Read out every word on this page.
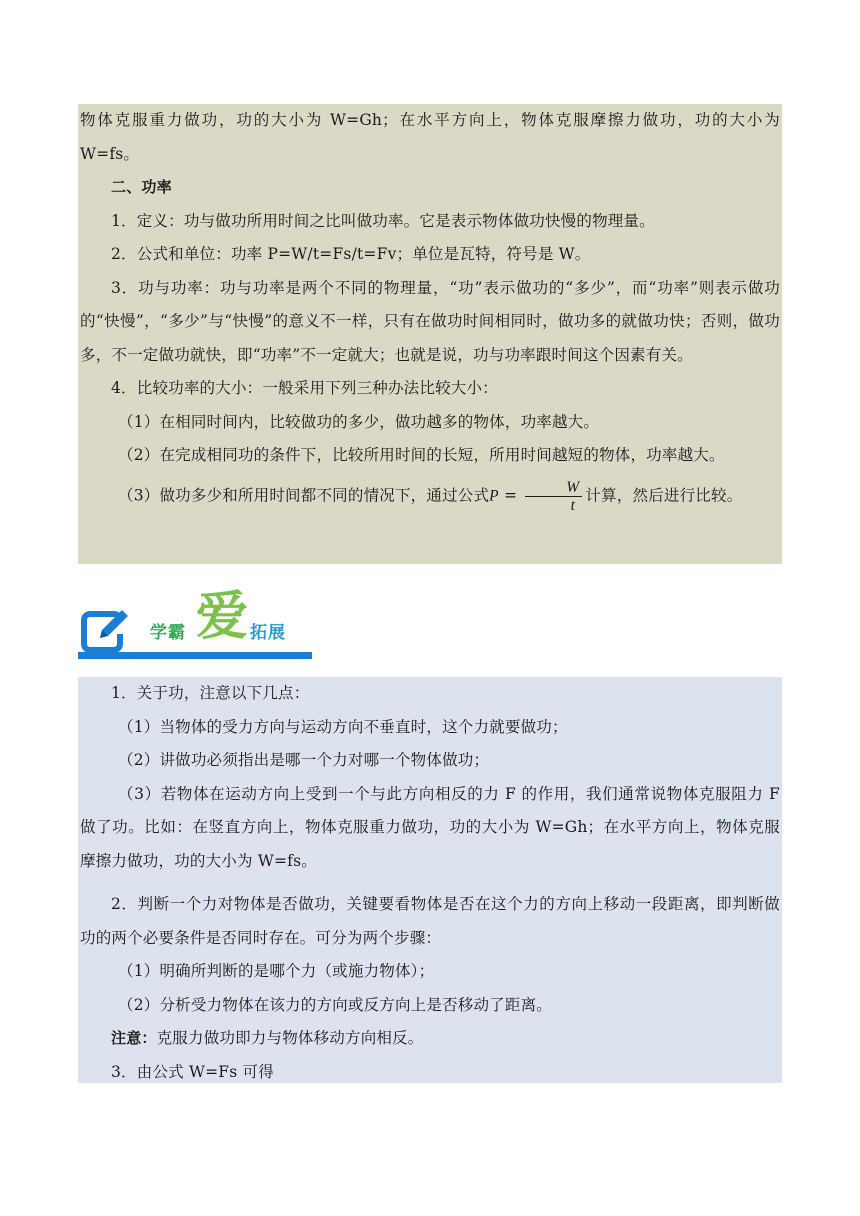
物体克服重力做功，功的大小为 W=Gh；在水平方向上，物体克服摩擦力做功，功的大小为 W=fs。

二、功率

1．定义：功与做功所用时间之比叫做功率。它是表示物体做功快慢的物理量。

2．公式和单位：功率 P=W/t=Fs/t=Fv；单位是瓦特，符号是 W。

3．功与功率：功与功率是两个不同的物理量，“功”表示做功的“多少”，而“功率”则表示做功的“快慢”，“多少”与“快慢”的意义不一样，只有在做功时间相同时，做功多的就做功快；否则，做功多，不一定做功就快，即“功率”不一定就大；也就是说，功与功率跟时间这个因素有关。

4．比较功率的大小：一般采用下列三种办法比较大小：

（1）在相同时间内，比较做功的多少，做功越多的物体，功率越大。

（2）在完成相同功的条件下，比较所用时间的长短，所用时间越短的物体，功率越大。

（3）做功多少和所用时间都不同的情况下，通过公式$P = \frac{W}{t}$ 计算，然后进行比较。

学霸 爱 拓展

1．关于功，注意以下几点：

（1）当物体的受力方向与运动方向不垂直时，这个力就要做功；

（2）讲做功必须指出是哪一个力对哪一个物体做功；

（3）若物体在运动方向上受到一个与此方向相反的力 F 的作用，我们通常说物体克服阻力 F 做了功。比如：在竖直方向上，物体克服重力做功，功的大小为 W=Gh；在水平方向上，物体克服摩擦力做功，功的大小为 W=fs。

2．判断一个力对物体是否做功，关键要看物体是否在这个力的方向上移动一段距离，即判断做功的两个必要条件是否同时存在。可分为两个步骤：

（1）明确所判断的是哪个力（或施力物体）；

（2）分析受力物体在该力的方向或反方向上是否移动了距离。

注意：克服力做功即力与物体移动方向相反。

3．由公式 W=Fs 可得
